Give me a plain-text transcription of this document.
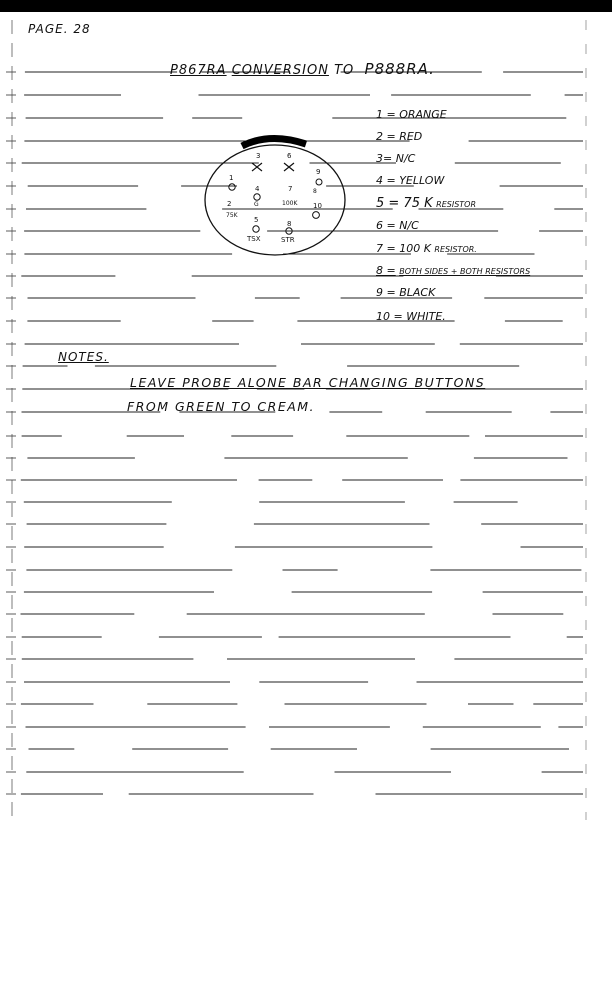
PAGE. 28
P867RA CONVERSION TO P888RA.
3	6
9
8
1
4
G
7
100K 10
2
75K
5
TSX
8
STR
1 = ORANGE
2 = RED
3= N/C
4 = YELLOW
5 = 75 K RESISTOR
6 = N/C
7 = 100 K RESISTOR.
8 = BOTH SIDES + BOTH RESISTORS
9 = BLACK
10 = WHITE.
NOTES.
LEAVE PROBE ALONE BAR CHANGING BUTTONS
FROM GREEN TO CREAM.
